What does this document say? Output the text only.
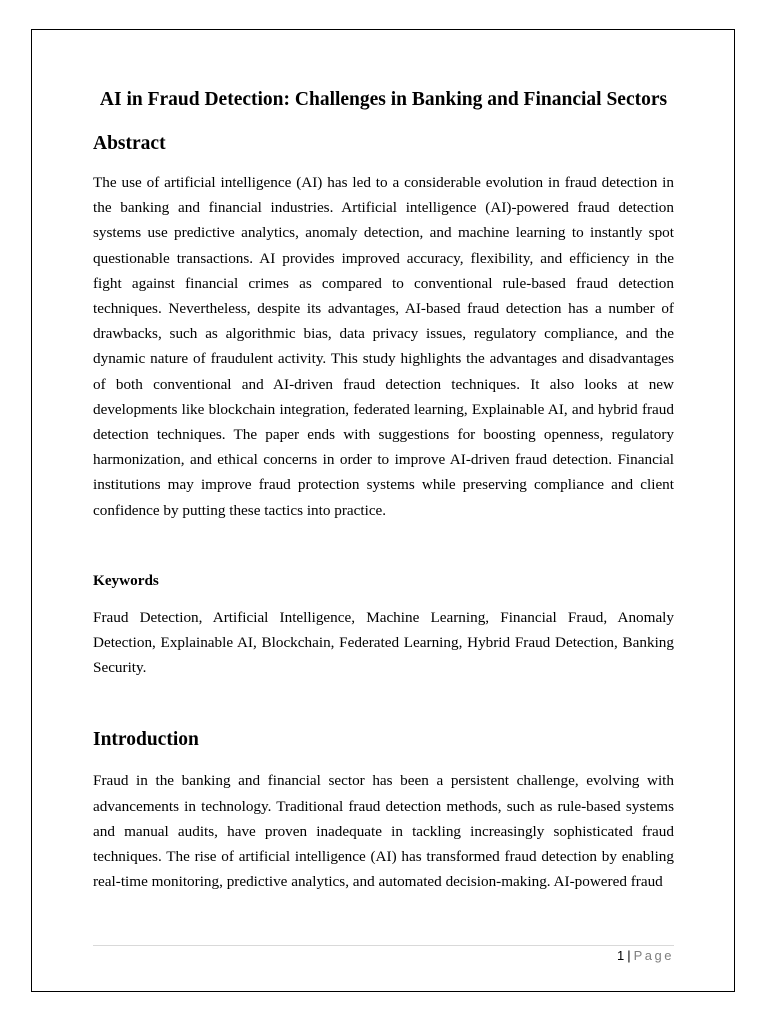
AI in Fraud Detection: Challenges in Banking and Financial Sectors
Abstract

The use of artificial intelligence (AI) has led to a considerable evolution in fraud detection in the banking and financial industries. Artificial intelligence (AI)-powered fraud detection systems use predictive analytics, anomaly detection, and machine learning to instantly spot questionable transactions. AI provides improved accuracy, flexibility, and efficiency in the fight against financial crimes as compared to conventional rule-based fraud detection techniques. Nevertheless, despite its advantages, AI-based fraud detection has a number of drawbacks, such as algorithmic bias, data privacy issues, regulatory compliance, and the dynamic nature of fraudulent activity. This study highlights the advantages and disadvantages of both conventional and AI-driven fraud detection techniques. It also looks at new developments like blockchain integration, federated learning, Explainable AI, and hybrid fraud detection techniques. The paper ends with suggestions for boosting openness, regulatory harmonization, and ethical concerns in order to improve AI-driven fraud detection. Financial institutions may improve fraud protection systems while preserving compliance and client confidence by putting these tactics into practice.

Keywords

Fraud Detection, Artificial Intelligence, Machine Learning, Financial Fraud, Anomaly Detection, Explainable AI, Blockchain, Federated Learning, Hybrid Fraud Detection, Banking Security.

Introduction

Fraud in the banking and financial sector has been a persistent challenge, evolving with advancements in technology. Traditional fraud detection methods, such as rule-based systems and manual audits, have proven inadequate in tackling increasingly sophisticated fraud techniques. The rise of artificial intelligence (AI) has transformed fraud detection by enabling real-time monitoring, predictive analytics, and automated decision-making. AI-powered fraud

1 | Page
